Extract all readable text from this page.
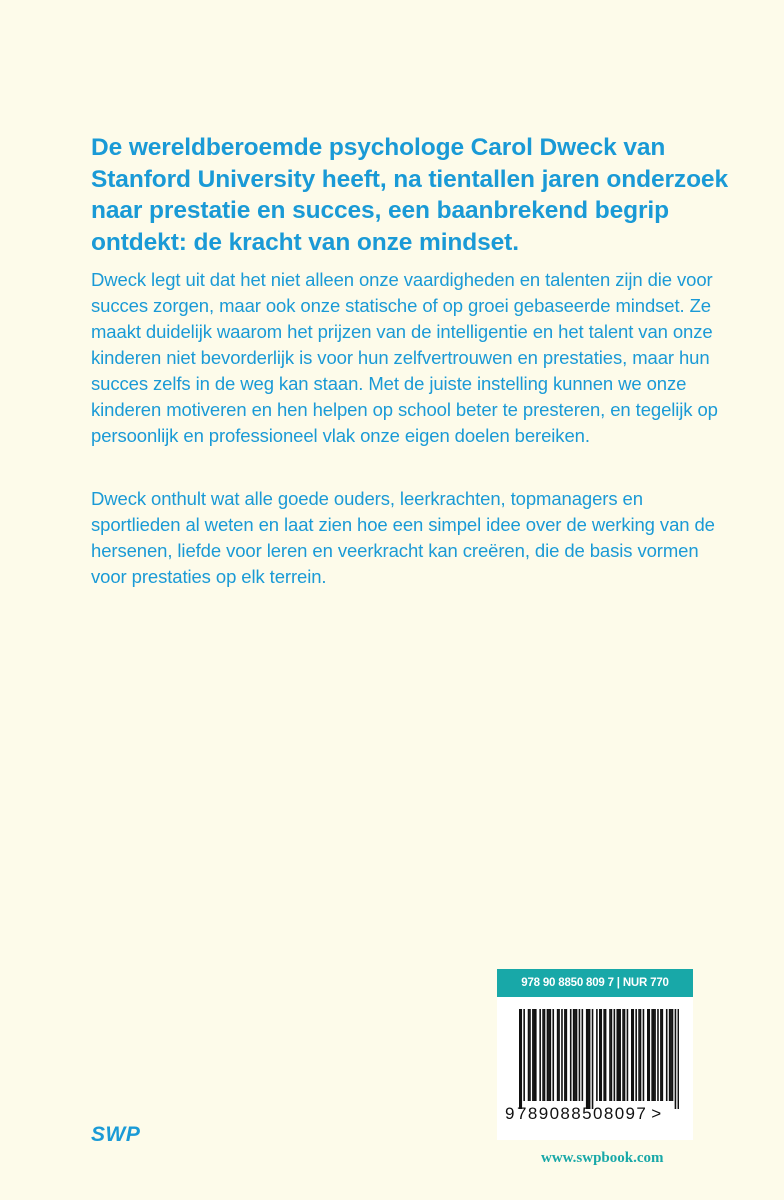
De wereldberoemde psychologe Carol Dweck van Stanford University heeft, na tientallen jaren onderzoek naar prestatie en succes, een baanbrekend begrip ontdekt: de kracht van onze mindset.

Dweck legt uit dat het niet alleen onze vaardigheden en talenten zijn die voor succes zorgen, maar ook onze statische of op groei gebaseerde mindset. Ze maakt duidelijk waarom het prijzen van de intelligentie en het talent van onze kinderen niet bevorderlijk is voor hun zelfvertrouwen en prestaties, maar hun succes zelfs in de weg kan staan. Met de juiste instelling kunnen we onze kinderen motiveren en hen helpen op school beter te presteren, en tegelijk op persoonlijk en professioneel vlak onze eigen doelen bereiken.

Dweck onthult wat alle goede ouders, leerkrachten, topmanagers en sportlieden al weten en laat zien hoe een simpel idee over de werking van de hersenen, liefde voor leren en veerkracht kan creëren, die de basis vormen voor prestaties op elk terrein.

978 90 8850 809 7 | NUR 770
9 789088508097 >
SWP
www.swpbook.com
